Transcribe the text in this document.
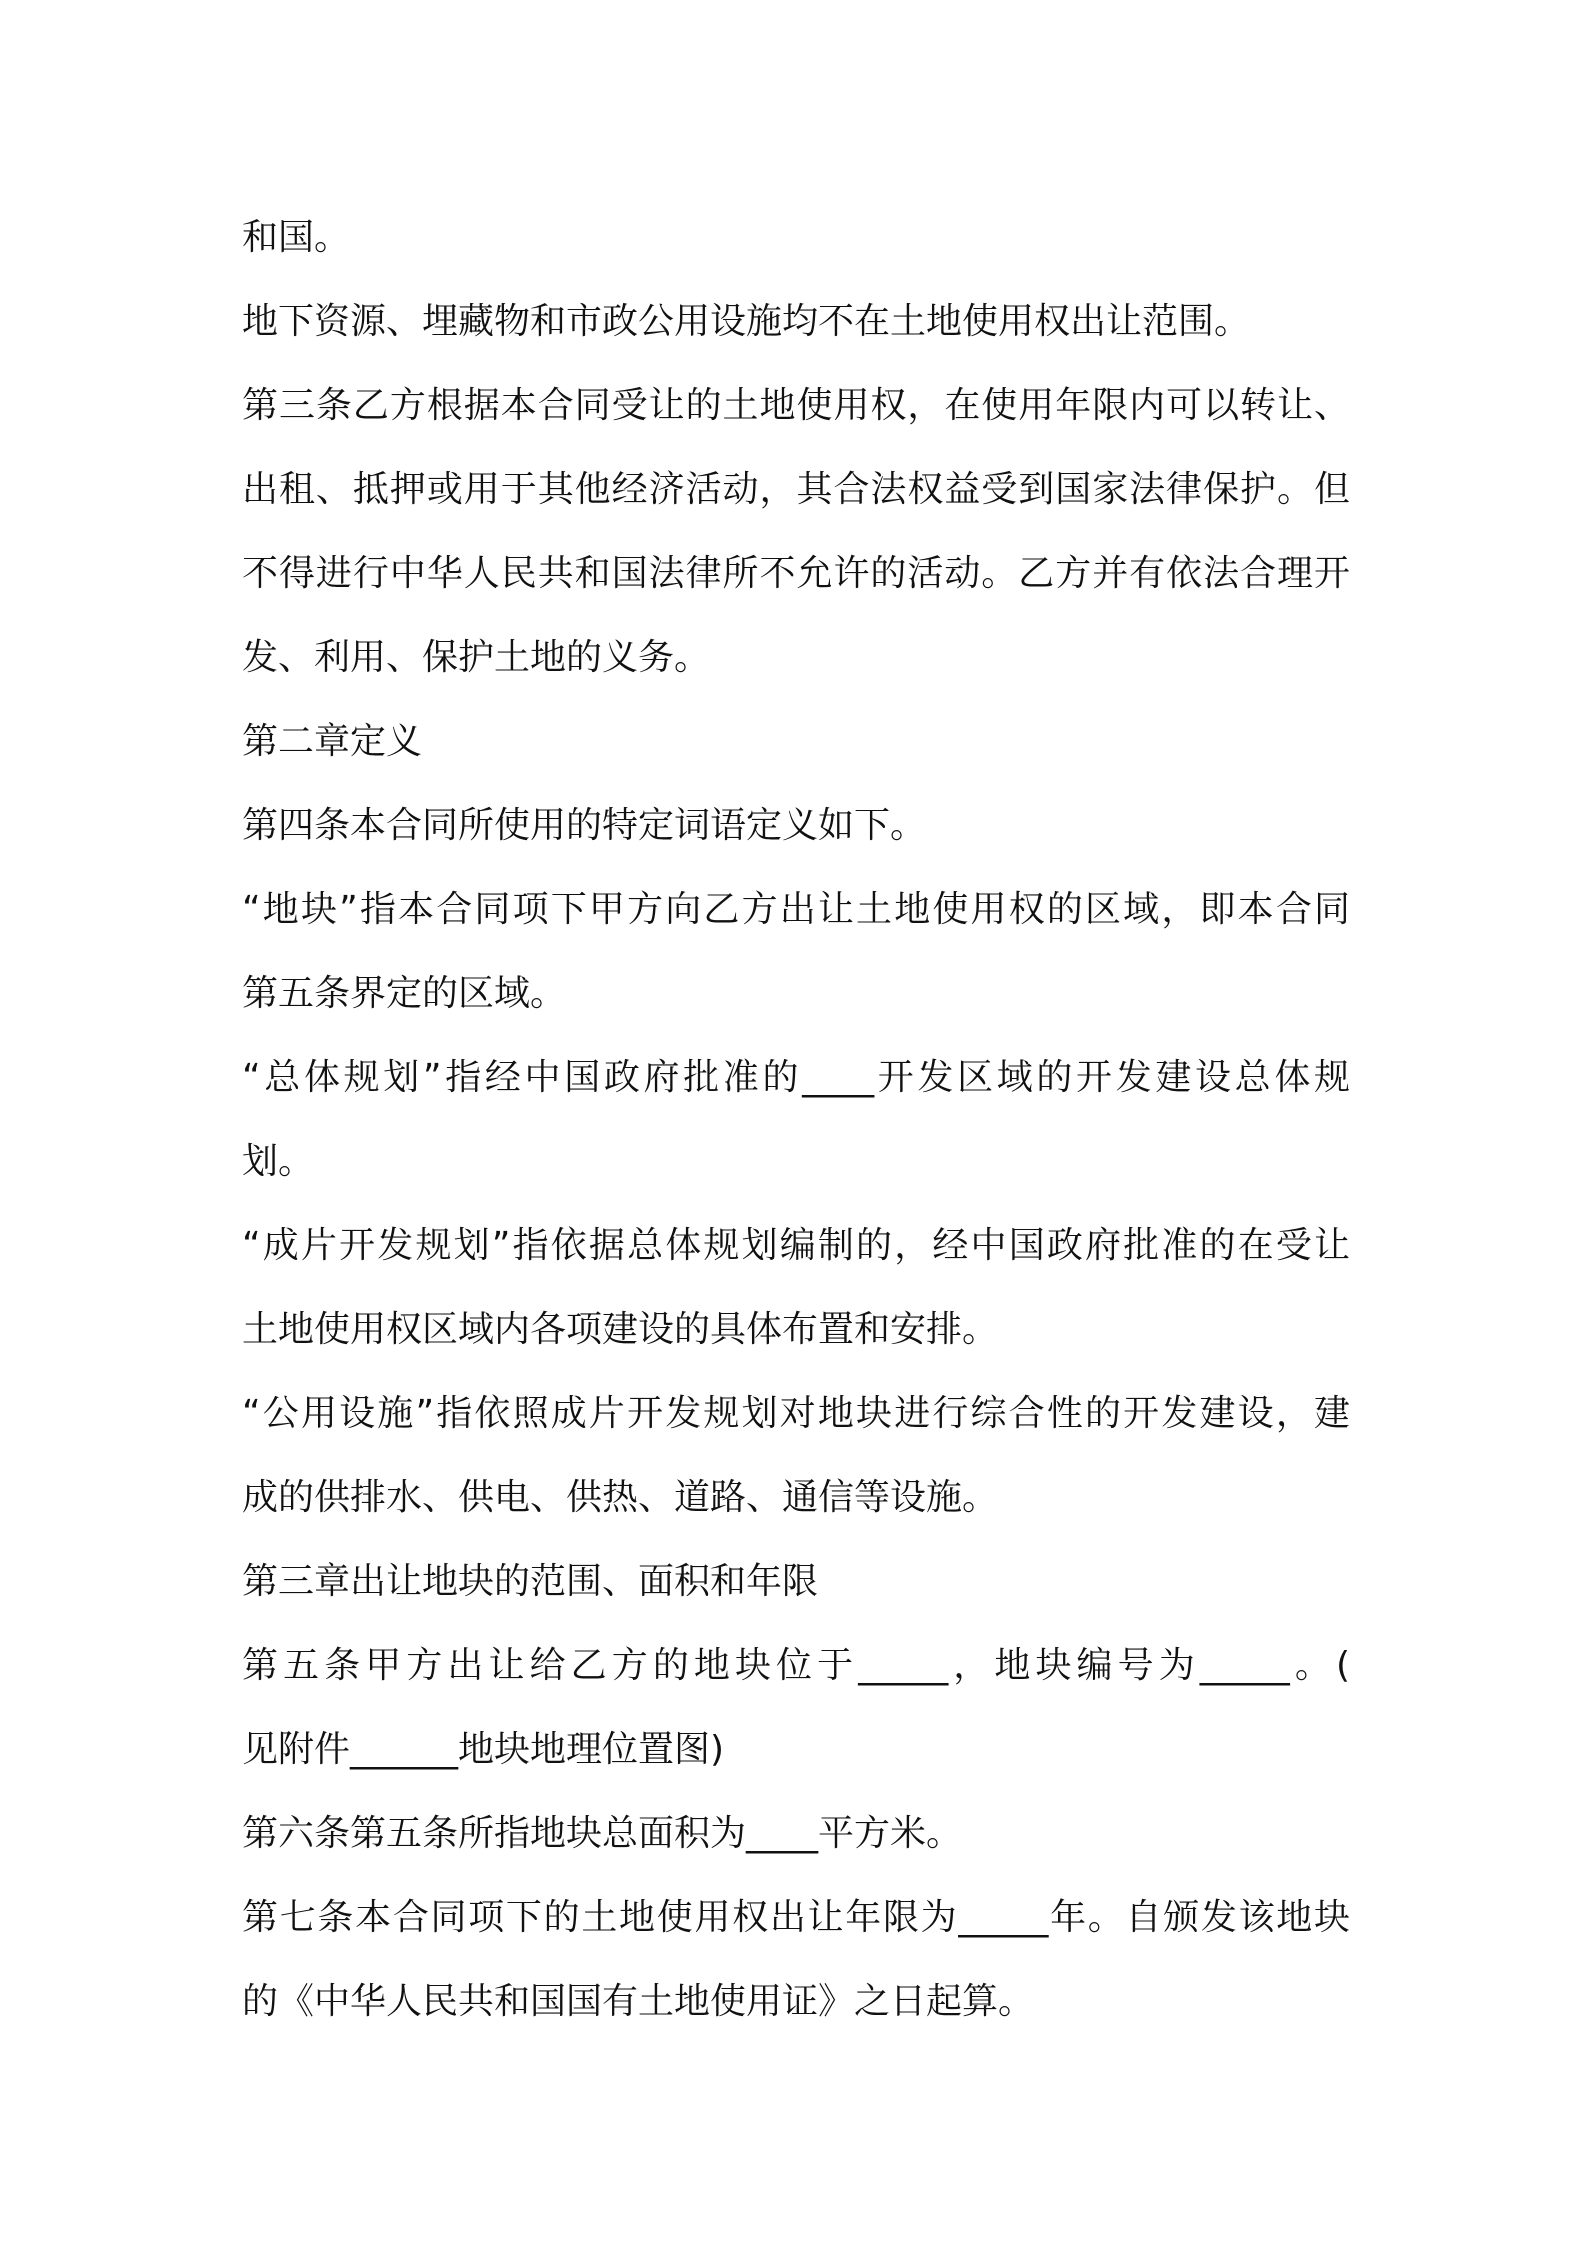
和国。
地下资源、埋藏物和市政公用设施均不在土地使用权出让范围。
第三条乙方根据本合同受让的土地使用权，在使用年限内可以转让、
出租、抵押或用于其他经济活动，其合法权益受到国家法律保护。但
不得进行中华人民共和国法律所不允许的活动。乙方并有依法合理开
发、利用、保护土地的义务。
第二章定义
第四条本合同所使用的特定词语定义如下。
“地块”指本合同项下甲方向乙方出让土地使用权的区域，即本合同
第五条界定的区域。
“总体规划”指经中国政府批准的____开发区域的开发建设总体规
划。
“成片开发规划”指依据总体规划编制的，经中国政府批准的在受让
土地使用权区域内各项建设的具体布置和安排。
“公用设施”指依照成片开发规划对地块进行综合性的开发建设，建
成的供排水、供电、供热、道路、通信等设施。
第三章出让地块的范围、面积和年限
第五条甲方出让给乙方的地块位于_____，地块编号为_____。(
见附件______地块地理位置图)
第六条第五条所指地块总面积为____平方米。
第七条本合同项下的土地使用权出让年限为_____年。自颁发该地块
的《中华人民共和国国有土地使用证》之日起算。
